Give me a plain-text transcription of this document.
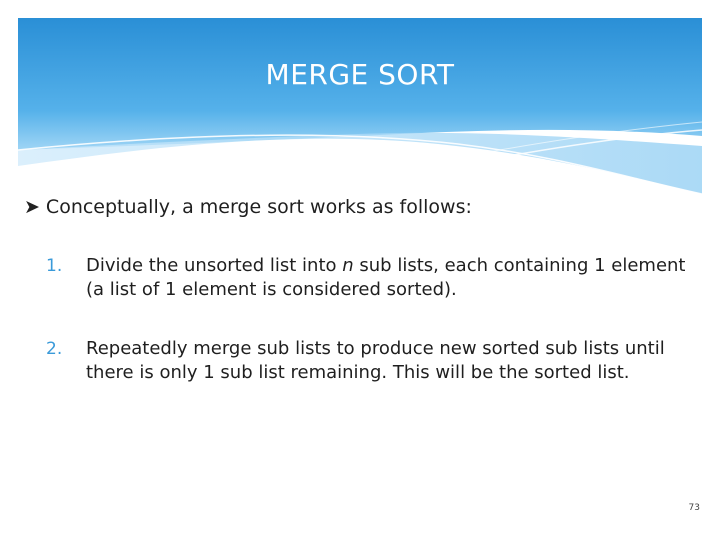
MERGE SORT
➤ Conceptually, a merge sort works as follows:
1. Divide the unsorted list into n sub lists, each containing 1 element (a list of 1 element is considered sorted).
2. Repeatedly merge sub lists to produce new sorted sub lists until there is only 1 sub list remaining. This will be the sorted list.
73
